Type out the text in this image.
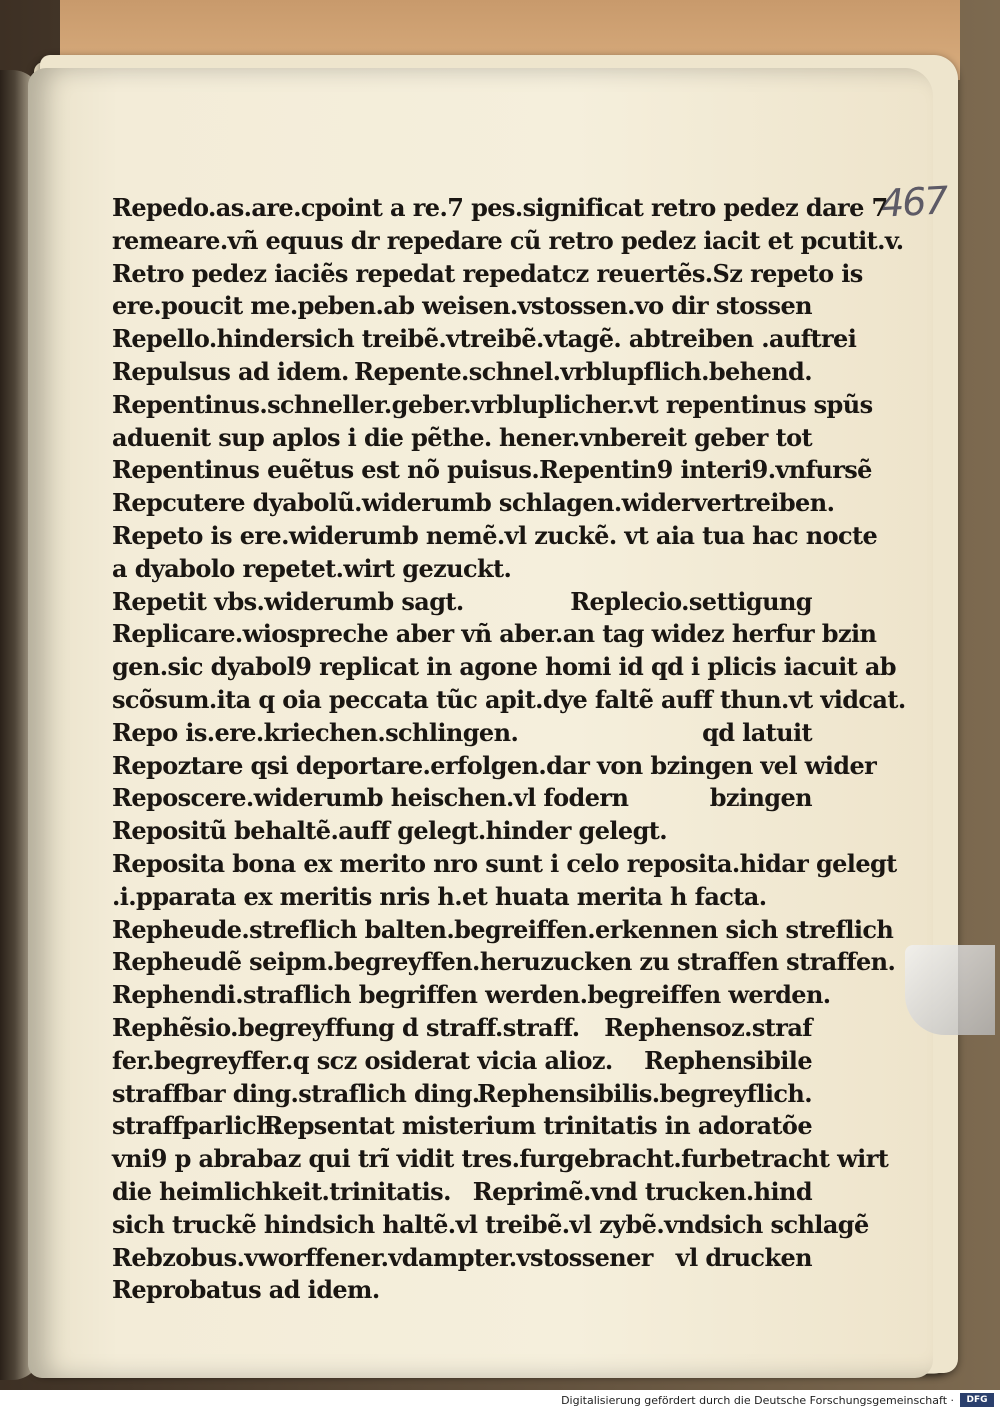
467
Repedo.as.are.cpoint a re.7 pes.significat retro pedez dare 7
remeare.vñ equus dr repedare cũ retro pedez iacit et pcutit.v.
Retro pedez iaciẽs repedat repedatcz reuertẽs.Sz repeto is
ere.poucit me.pe.
ben.ab weisen.vstossen.vo dir stossen
Repello.hindersich treibẽ.vtreibẽ.vtagẽ. abtreiben .auftrei
Repulsus ad idem. Repente.schnel.vrblupflich.behend.
Repentinus.schneller.geber.vrbluplicher.vt repentinus spũs
aduenit sup aplos i die pẽthe. hener.vnbereit geber tot
Repentinus euẽtus est nõ puisus.Repentin9 interi9.vnfursẽ
Repcutere dyabolũ.widerumb schlagen.widervertreiben.
Repeto is ere.widerumb nemẽ.vl zuckẽ. vt aia tua hac nocte
a dyabolo repetet.wirt gezuckt.
Repetit vbs.widerumb sagt.	Replecio.settigung
Replicare.wiospreche aber vñ aber.an tag widez herfur bzin
gen.sic dyabol9 replicat in agone homi id qd i plicis iacuit ab
scõsum.ita q oia peccata tũc apit.dye faltẽ auff thun.vt vidcat.
Repo is.ere.kriechen.schlingen.	qd latuit
Repoztare qsi deportare.erfolgen.dar von bzingen vel wider
Reposcere.widerumb heischen.vl fodern	bzingen
Repositũ behaltẽ.auff gelegt.hinder gelegt.
Reposita bona ex merito nro sunt i celo reposita.hidar gelegt
.i.pparata ex meritis nris h.et huata merita h facta.
Repheude.streflich balten.begreiffen.erkennen sich streflich
Repheudẽ seipm.begreyffen.heruzucken zu straffen straffen.
Rephendi.straflich begriffen werden.begreiffen werden.
Rephẽsio.begreyffung d straff.straff. Rephensoz.straf
fer.begreyffer.q scz osiderat vicia alioz. Rephensibile
straffbar ding.straflich ding.
Rephensibilis.begreyflich.
straffparlich.
Repsentat misterium trinitatis in adoratõe
vni9 p abrabaz qui trĩ vidit tres.furgebracht.furbetracht wirt
die heimlichkeit.trinitatis. Reprimẽ.vnd trucken.hind
sich truckẽ hindsich haltẽ.vl treibẽ.vl zybẽ.vndsich schlagẽ
Rebzobus.vworffener.vdampter.vstossener vl drucken
Reprobatus ad idem.
Digitalisierung gefördert durch die Deutsche Forschungsgemeinschaft ·	DFG
